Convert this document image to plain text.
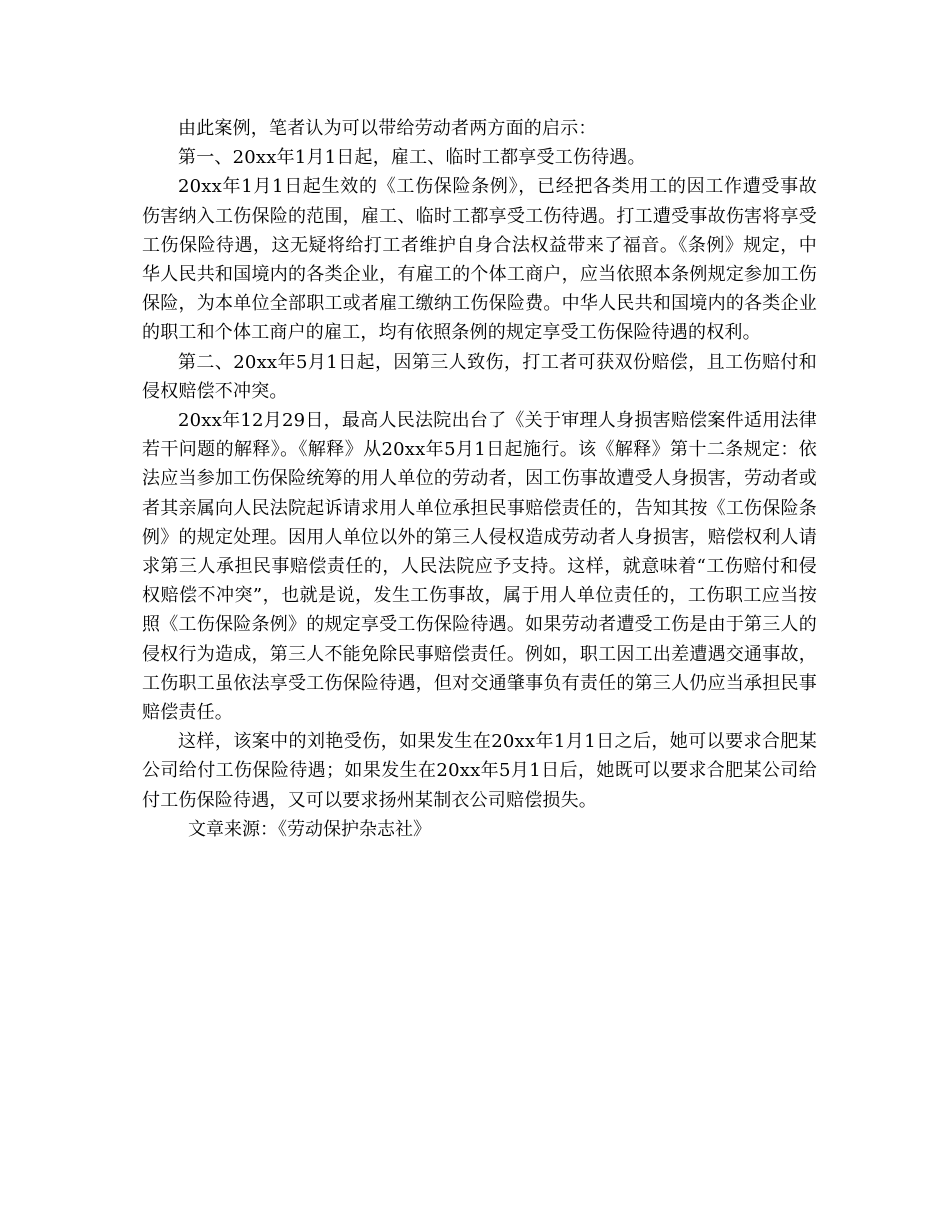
由此案例，笔者认为可以带给劳动者两方面的启示：

第一、20xx年1月1日起，雇工、临时工都享受工伤待遇。

20xx年1月1日起生效的《工伤保险条例》，已经把各类用工的因工作遭受事故伤害纳入工伤保险的范围，雇工、临时工都享受工伤待遇。打工遭受事故伤害将享受工伤保险待遇，这无疑将给打工者维护自身合法权益带来了福音。《条例》规定，中华人民共和国境内的各类企业，有雇工的个体工商户，应当依照本条例规定参加工伤保险，为本单位全部职工或者雇工缴纳工伤保险费。中华人民共和国境内的各类企业的职工和个体工商户的雇工，均有依照条例的规定享受工伤保险待遇的权利。

第二、20xx年5月1日起，因第三人致伤，打工者可获双份赔偿，且工伤赔付和侵权赔偿不冲突。

20xx年12月29日，最高人民法院出台了《关于审理人身损害赔偿案件适用法律若干问题的解释》。《解释》从20xx年5月1日起施行。该《解释》第十二条规定：依法应当参加工伤保险统筹的用人单位的劳动者，因工伤事故遭受人身损害，劳动者或者其亲属向人民法院起诉请求用人单位承担民事赔偿责任的，告知其按《工伤保险条例》的规定处理。因用人单位以外的第三人侵权造成劳动者人身损害，赔偿权利人请求第三人承担民事赔偿责任的，人民法院应予支持。这样，就意味着“工伤赔付和侵权赔偿不冲突”，也就是说，发生工伤事故，属于用人单位责任的，工伤职工应当按照《工伤保险条例》的规定享受工伤保险待遇。如果劳动者遭受工伤是由于第三人的侵权行为造成，第三人不能免除民事赔偿责任。例如，职工因工出差遭遇交通事故，工伤职工虽依法享受工伤保险待遇，但对交通肇事负有责任的第三人仍应当承担民事赔偿责任。

这样，该案中的刘艳受伤，如果发生在20xx年1月1日之后，她可以要求合肥某公司给付工伤保险待遇；如果发生在20xx年5月1日后，她既可以要求合肥某公司给付工伤保险待遇，又可以要求扬州某制衣公司赔偿损失。

文章来源：《劳动保护杂志社》
